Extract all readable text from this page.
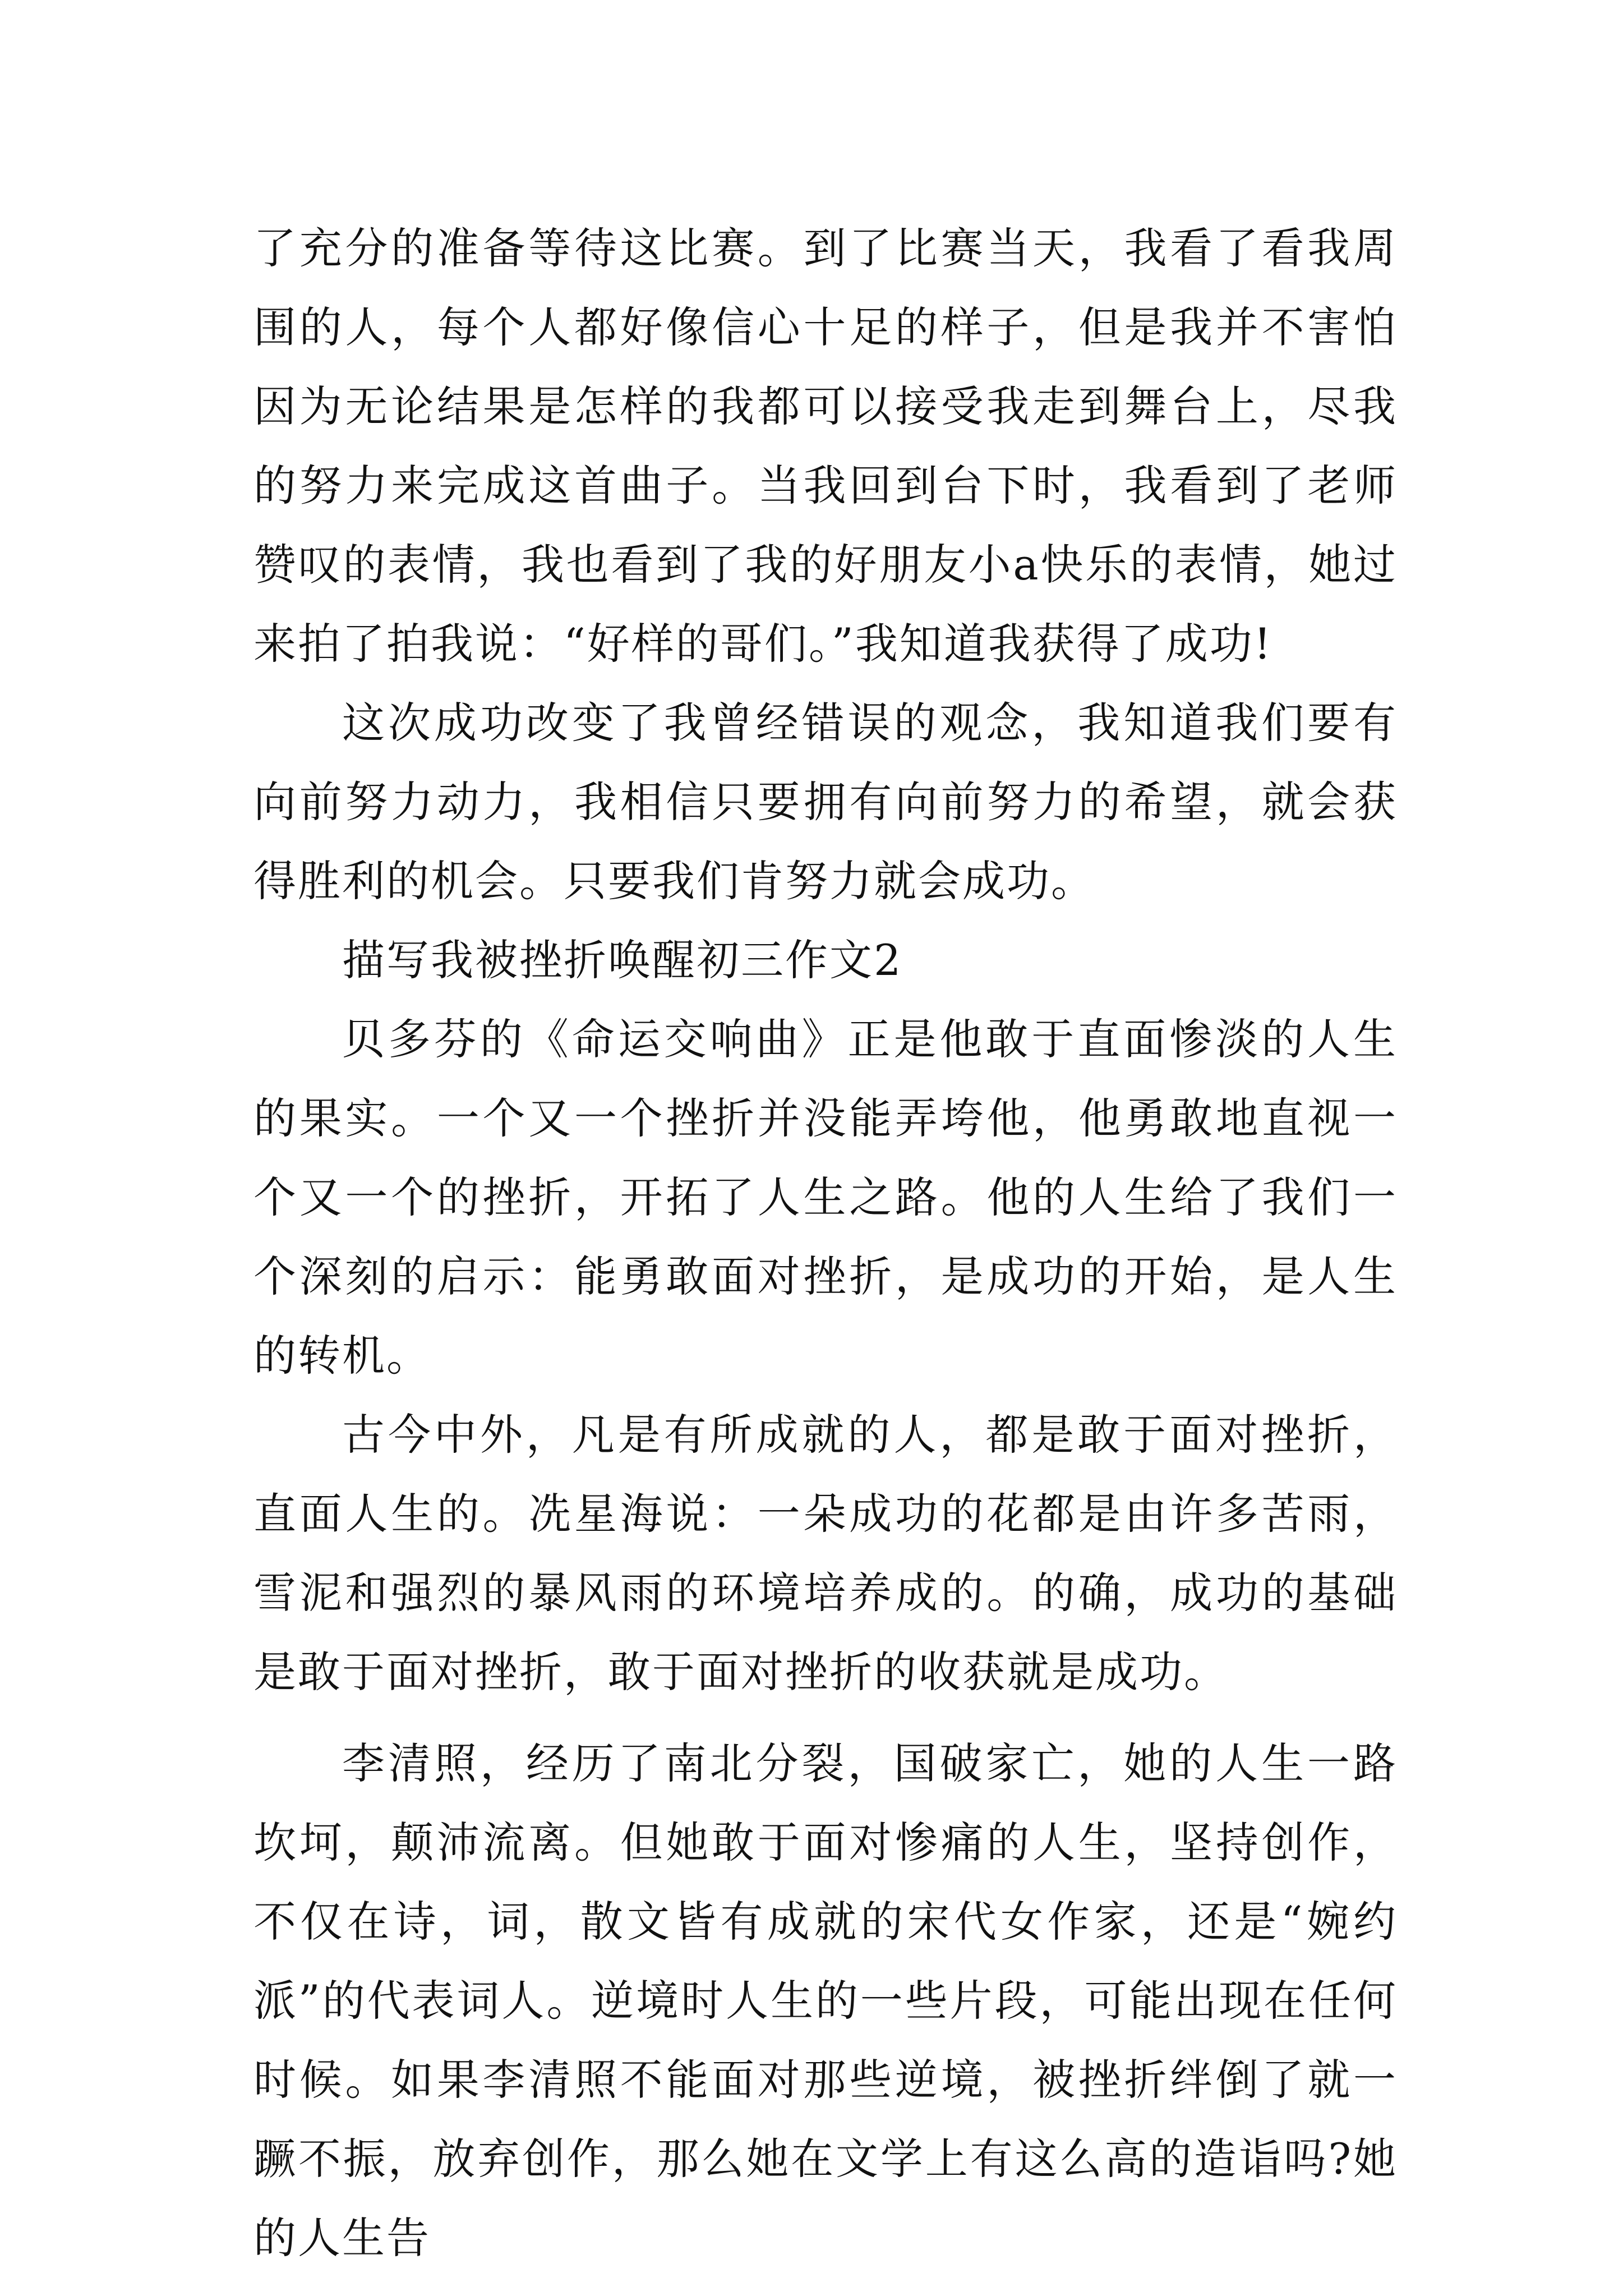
了充分的准备等待这比赛。到了比赛当天，我看了看我周围的人，每个人都好像信心十足的样子，但是我并不害怕因为无论结果是怎样的我都可以接受我走到舞台上，尽我的努力来完成这首曲子。当我回到台下时，我看到了老师赞叹的表情，我也看到了我的好朋友小a快乐的表情，她过来拍了拍我说：“好样的哥们。”我知道我获得了成功!

这次成功改变了我曾经错误的观念，我知道我们要有向前努力动力，我相信只要拥有向前努力的希望，就会获得胜利的机会。只要我们肯努力就会成功。

描写我被挫折唤醒初三作文2

贝多芬的《命运交响曲》正是他敢于直面惨淡的人生的果实。一个又一个挫折并没能弄垮他，他勇敢地直视一个又一个的挫折，开拓了人生之路。他的人生给了我们一个深刻的启示：能勇敢面对挫折，是成功的开始，是人生的转机。

古今中外，凡是有所成就的人，都是敢于面对挫折，直面人生的。冼星海说：一朵成功的花都是由许多苦雨，雪泥和强烈的暴风雨的环境培养成的。的确，成功的基础是敢于面对挫折，敢于面对挫折的收获就是成功。

李清照，经历了南北分裂，国破家亡，她的人生一路坎坷，颠沛流离。但她敢于面对惨痛的人生，坚持创作，不仅在诗，词，散文皆有成就的宋代女作家，还是“婉约派”的代表词人。逆境时人生的一些片段，可能出现在任何时候。如果李清照不能面对那些逆境，被挫折绊倒了就一蹶不振，放弃创作，那么她在文学上有这么高的造诣吗?她的人生告
